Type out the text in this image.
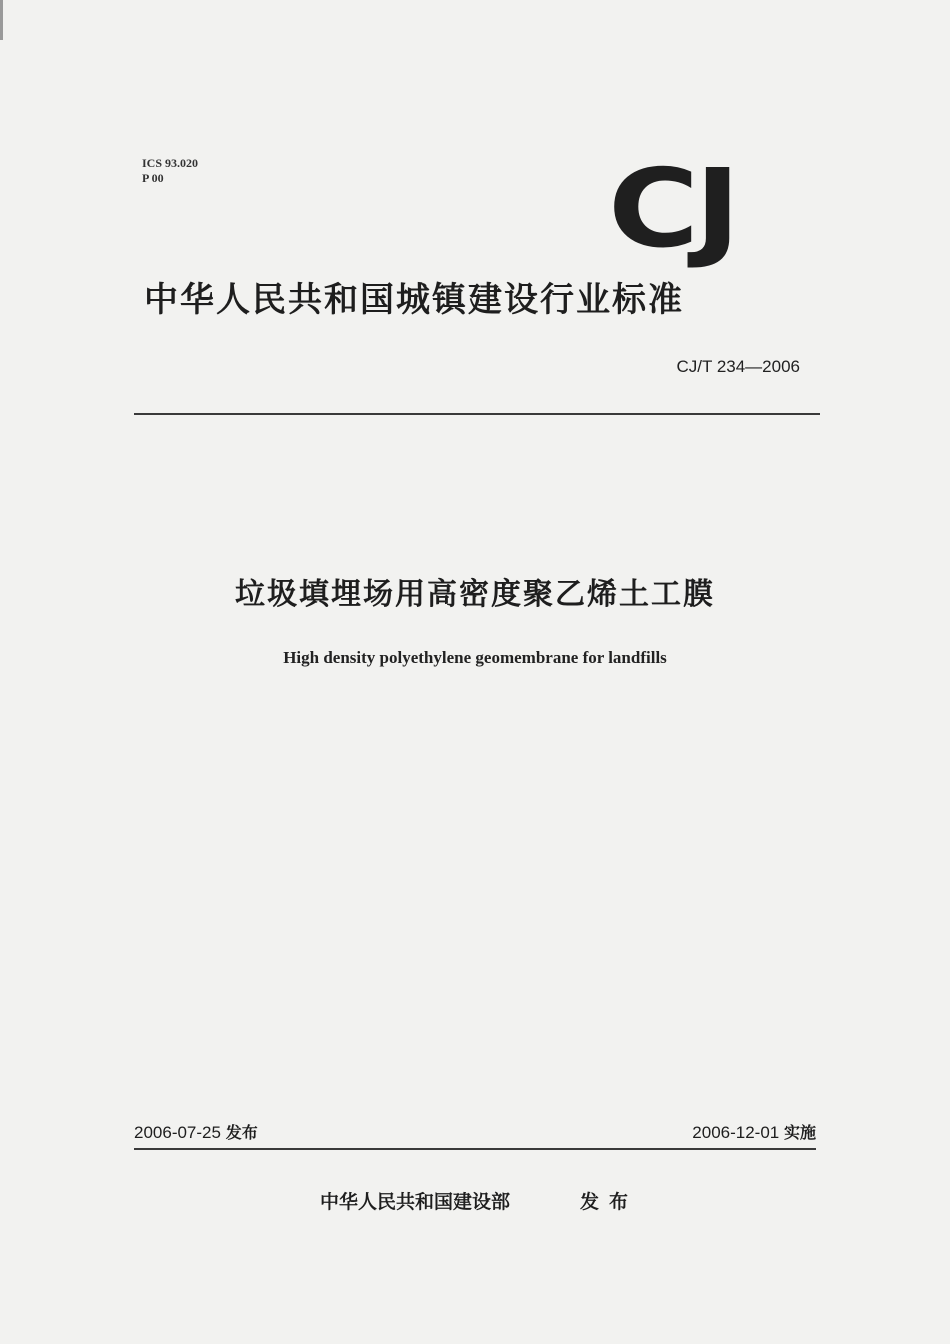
ICS 93.020
P 00	CJ
中华人民共和国城镇建设行业标准
CJ/T 234—2006
垃圾填埋场用高密度聚乙烯土工膜
High density polyethylene geomembrane for landfills
2006-07-25 发布	2006-12-01 实施
中华人民共和国建设部	发布
